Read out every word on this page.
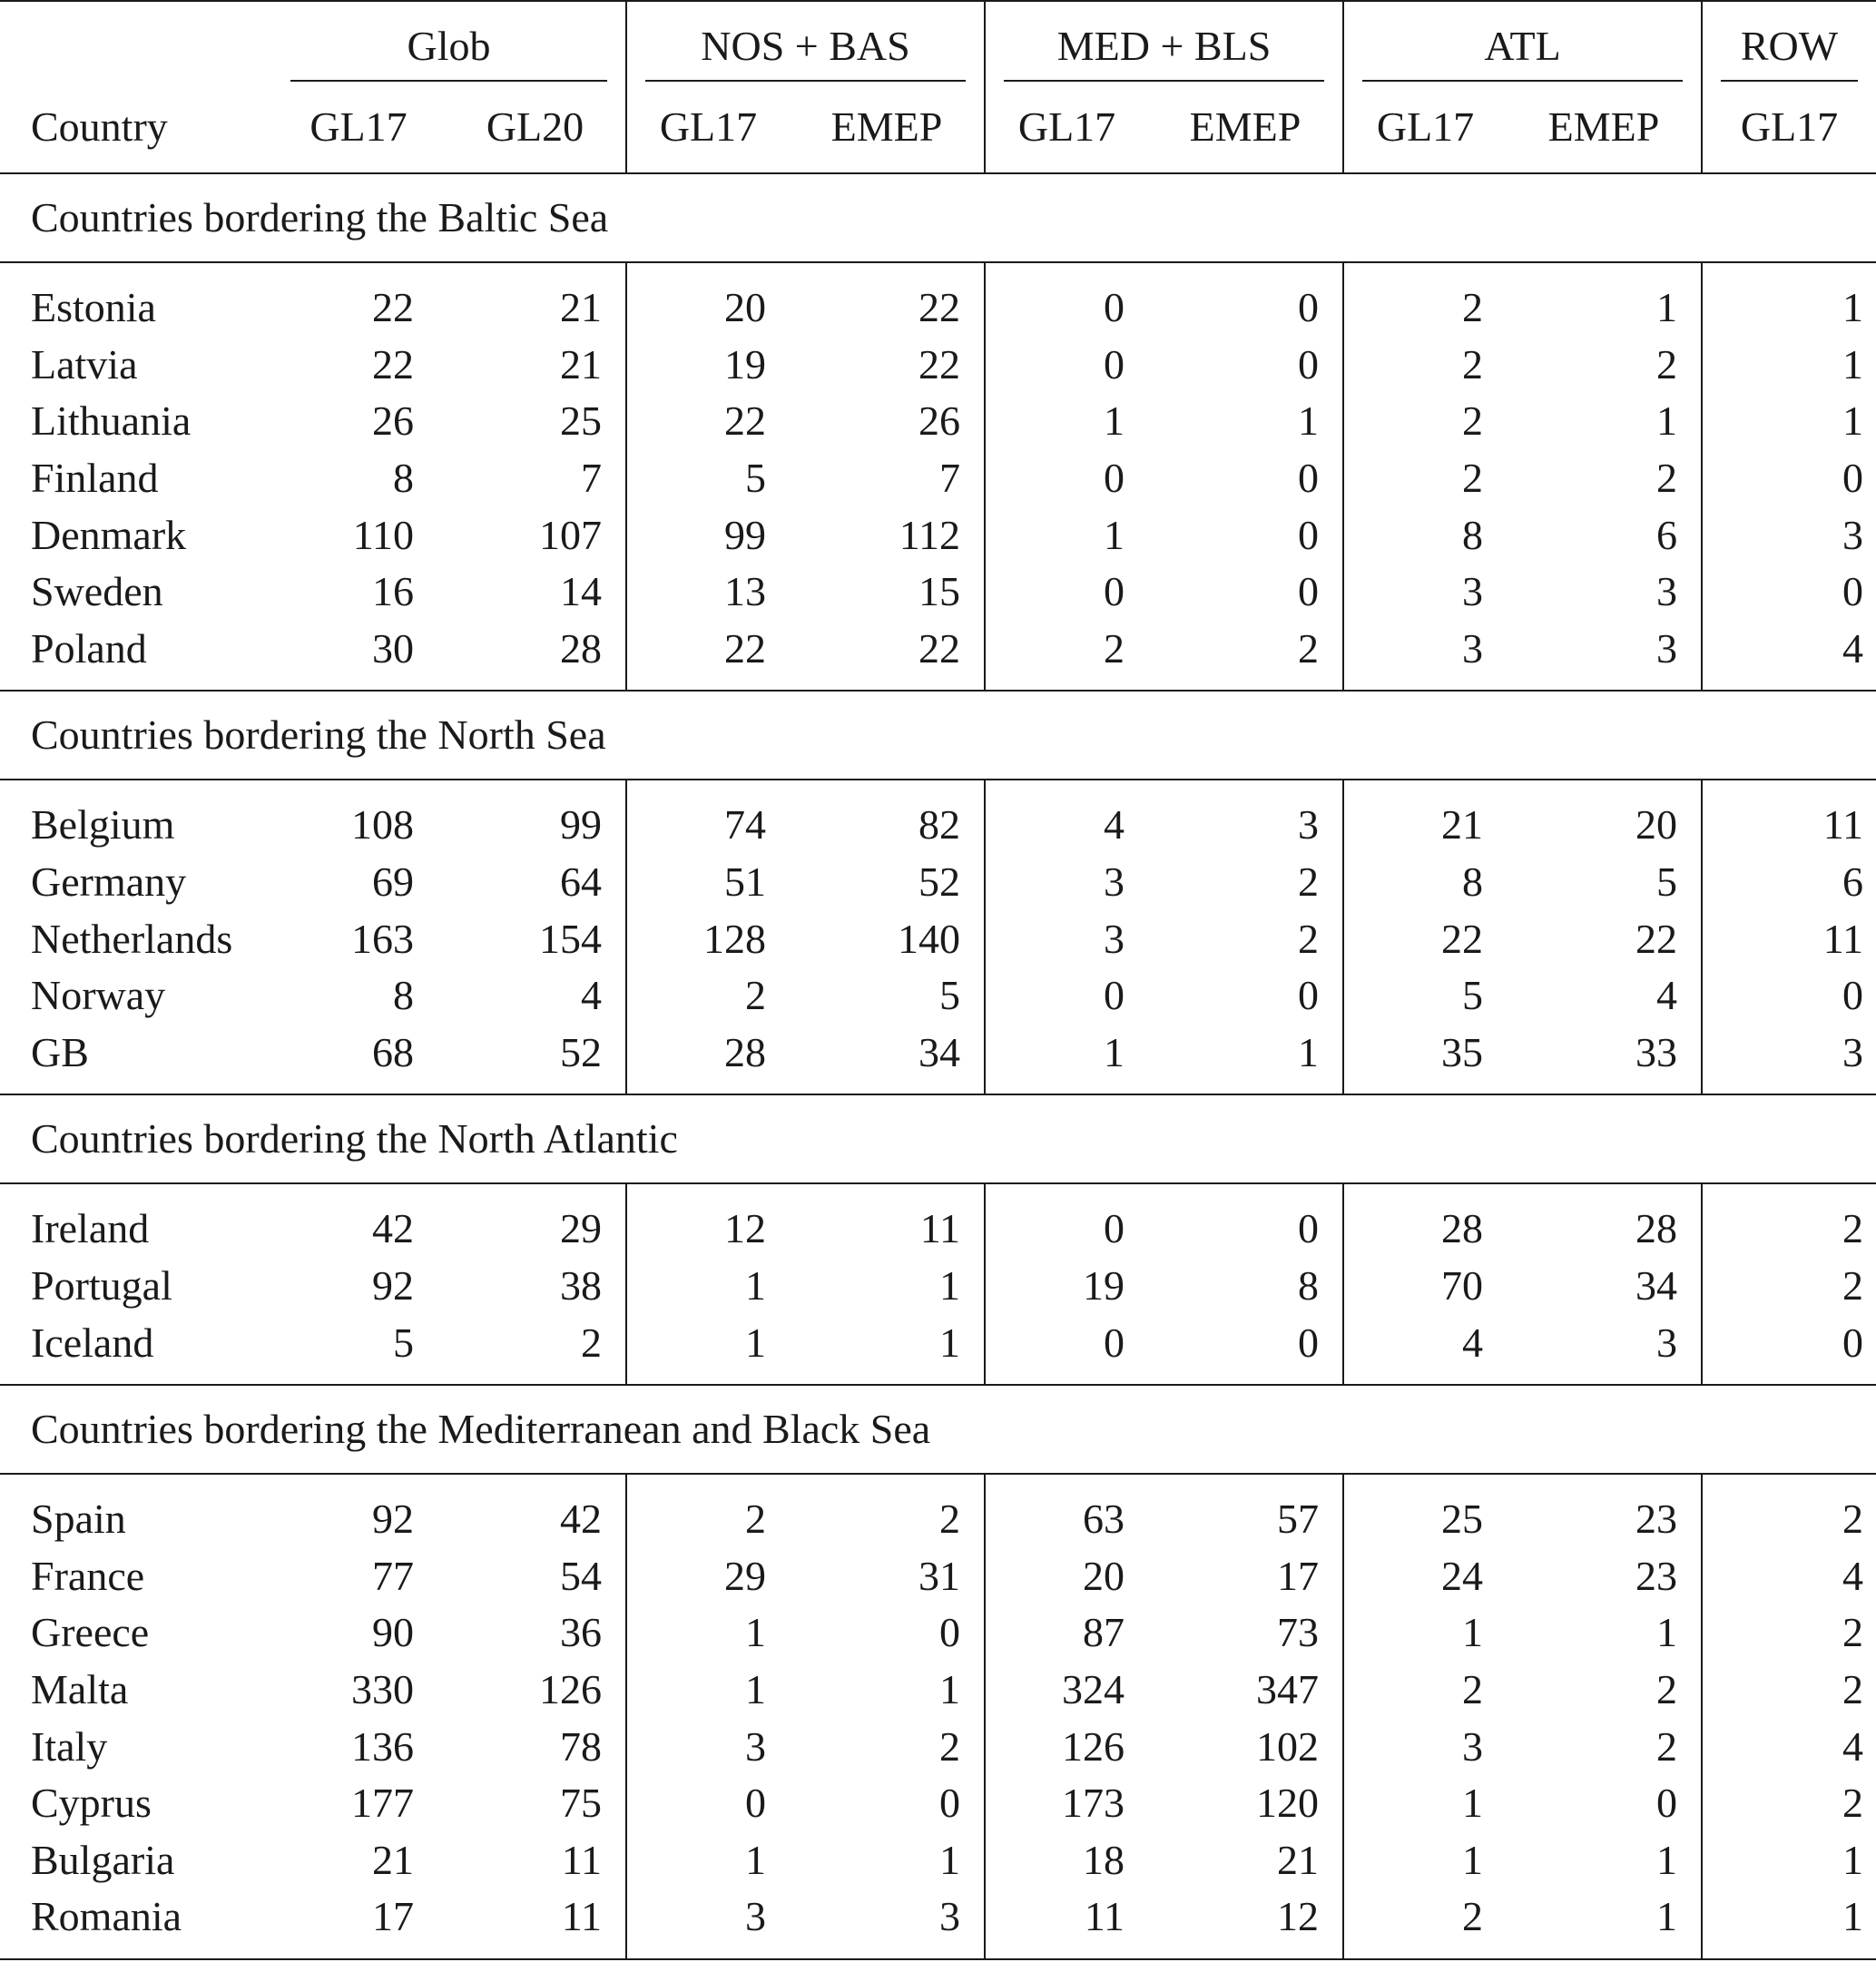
	Glob		NOS + BAS		MED + BLS		ATL		ROW
Country	GL17	GL20	GL17	EMEP	GL17	EMEP	GL17	EMEP	GL17
Countries bordering the Baltic Sea									

Estonia	22	21	20	22	0	0	2	1	1
Latvia	22	21	19	22	0	0	2	2	1
Lithuania	26	25	22	26	1	1	2	1	1
Finland	8	7	5	7	0	0	2	2	0
Denmark	110	107	99	112	1	0	8	6	3
Sweden	16	14	13	15	0	0	3	3	0
Poland	30	28	22	22	2	2	3	3	4

Countries bordering the North Sea									

Belgium	108	99	74	82	4	3	21	20	11
Germany	69	64	51	52	3	2	8	5	6
Netherlands	163	154	128	140	3	2	22	22	11
Norway	8	4	2	5	0	0	5	4	0
GB	68	52	28	34	1	1	35	33	3

Countries bordering the North Atlantic									

Ireland	42	29	12	11	0	0	28	28	2
Portugal	92	38	1	1	19	8	70	34	2
Iceland	5	2	1	1	0	0	4	3	0

Countries bordering the Mediterranean and Black Sea									

Spain	92	42	2	2	63	57	25	23	2
France	77	54	29	31	20	17	24	23	4
Greece	90	36	1	0	87	73	1	1	2
Malta	330	126	1	1	324	347	2	2	2
Italy	136	78	3	2	126	102	3	2	4
Cyprus	177	75	0	0	173	120	1	0	2
Bulgaria	21	11	1	1	18	21	1	1	1
Romania	17	11	3	3	11	12	2	1	1
